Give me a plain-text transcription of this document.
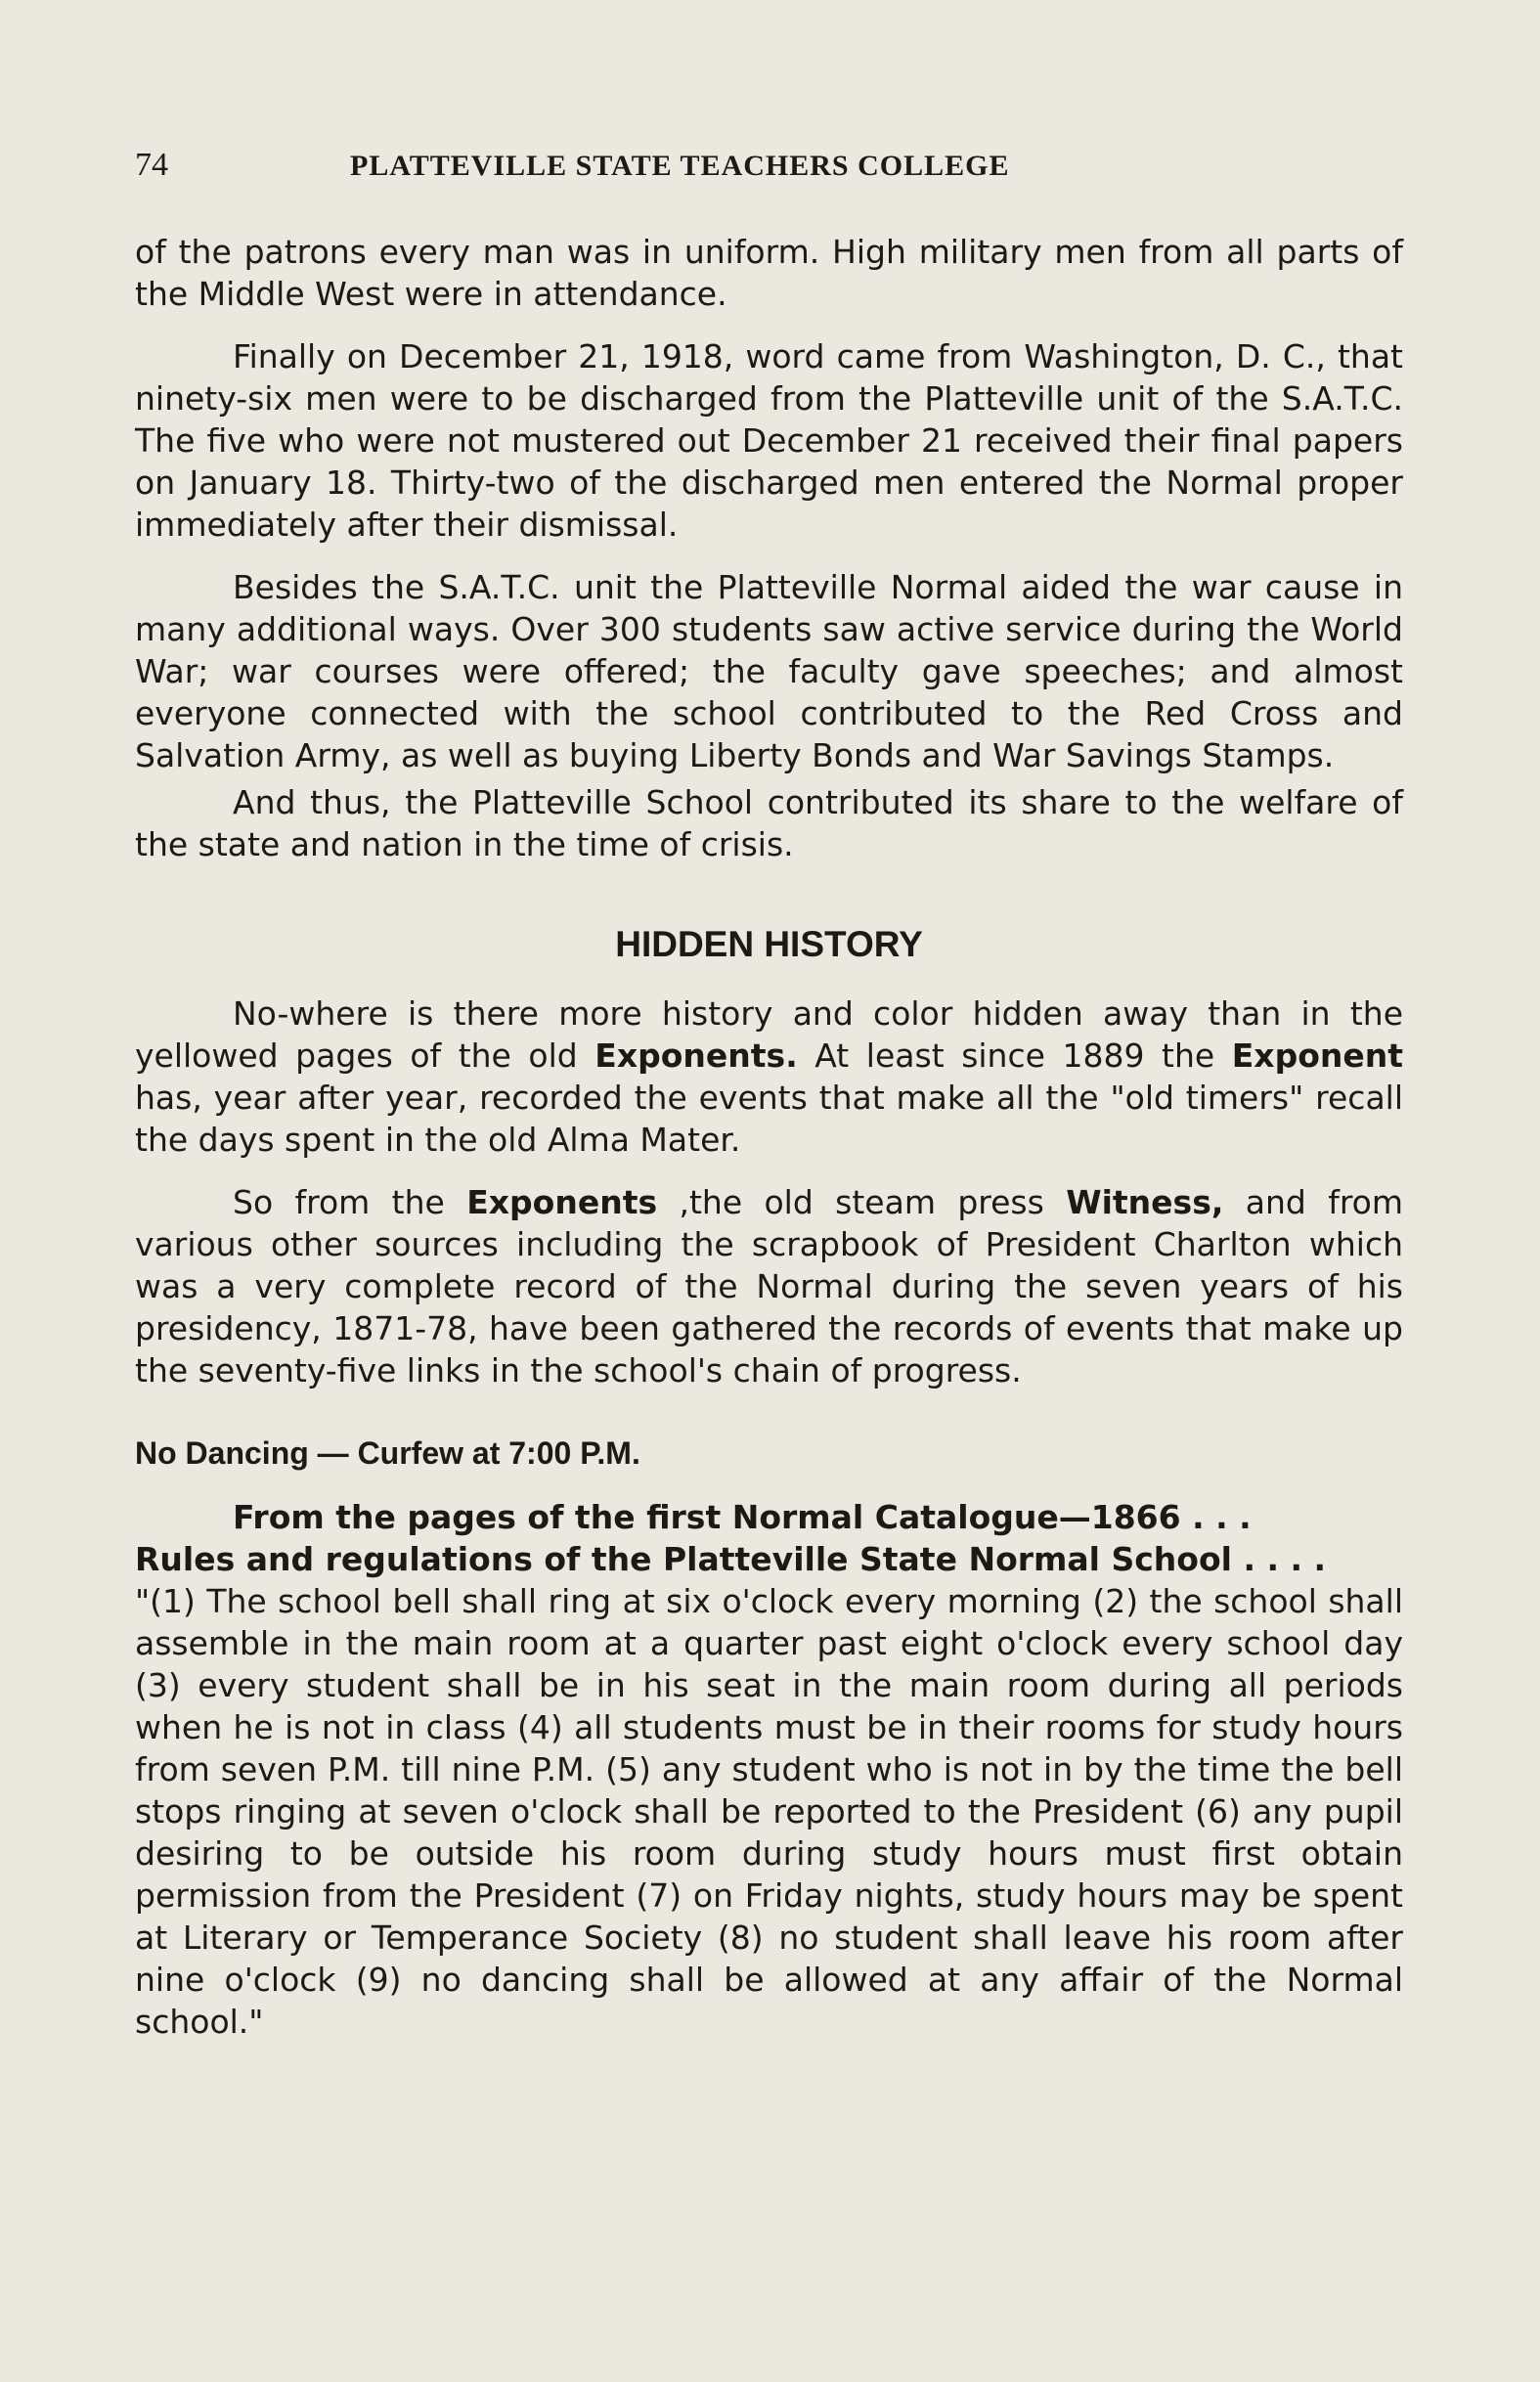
74	PLATTEVILLE STATE TEACHERS COLLEGE

of the patrons every man was in uniform. High military men from all parts of the Middle West were in attendance.

Finally on December 21, 1918, word came from Washington, D. C., that ninety-six men were to be discharged from the Platteville unit of the S.A.T.C. The five who were not mustered out December 21 received their final papers on January 18. Thirty-two of the discharged men entered the Normal proper immediately after their dismissal.

Besides the S.A.T.C. unit the Platteville Normal aided the war cause in many additional ways. Over 300 students saw active service during the World War; war courses were offered; the faculty gave speeches; and almost everyone connected with the school contributed to the Red Cross and Salvation Army, as well as buying Liberty Bonds and War Savings Stamps.

And thus, the Platteville School contributed its share to the welfare of the state and nation in the time of crisis.

HIDDEN HISTORY

No-where is there more history and color hidden away than in the yellowed pages of the old Exponents. At least since 1889 the Exponent has, year after year, recorded the events that make all the "old timers" recall the days spent in the old Alma Mater.

So from the Exponents ,the old steam press Witness, and from various other sources including the scrapbook of President Charlton which was a very complete record of the Normal during the seven years of his presidency, 1871-78, have been gathered the records of events that make up the seventy-five links in the school's chain of progress.

No Dancing — Curfew at 7:00 P.M.

From the pages of the first Normal Catalogue—1866 . . .

Rules and regulations of the Platteville State Normal School . . . .

"(1) The school bell shall ring at six o'clock every morning (2) the school shall assemble in the main room at a quarter past eight o'clock every school day (3) every student shall be in his seat in the main room during all periods when he is not in class (4) all students must be in their rooms for study hours from seven P.M. till nine P.M. (5) any student who is not in by the time the bell stops ringing at seven o'clock shall be reported to the President (6) any pupil desiring to be outside his room during study hours must first obtain permission from the President (7) on Friday nights, study hours may be spent at Literary or Temperance Society (8) no student shall leave his room after nine o'clock (9) no dancing shall be allowed at any affair of the Normal school."
